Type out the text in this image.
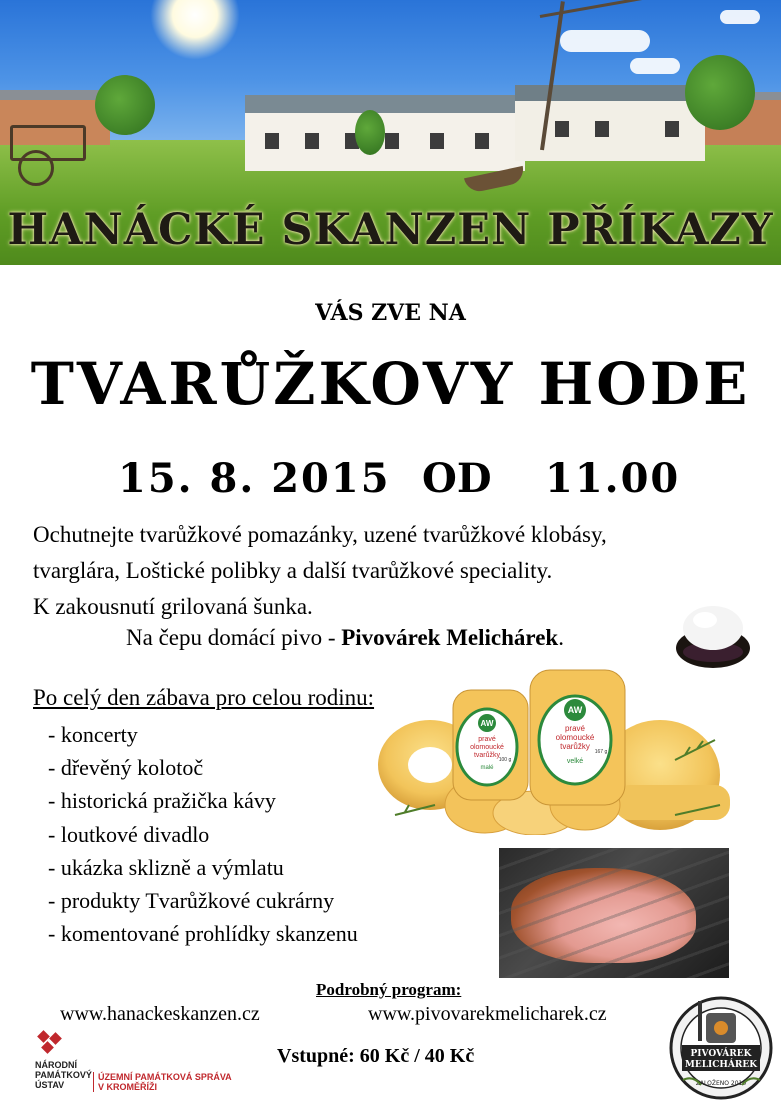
HANÁCKÉ SKANZEN PŘÍKAZY
VÁS ZVE NA
TVARŮŽKOVY HODE
15. 8. 2015 OD 11.00
Ochutnejte tvarůžkové pomazánky, uzené tvarůžkové klobásy,
tvarglára, Loštické polibky a další tvarůžkové speciality.
K zakousnutí grilovaná šunka.
Na čepu domácí pivo - Pivovárek Melichárek.
Po celý den zábava pro celou rodinu:
- koncerty
- dřevěný kolotoč
- historická pražička kávy
- loutkové divadlo
- ukázka sklizně a výmlatu
- produkty Tvarůžkové cukrárny
- komentované prohlídky skanzenu
AW
AW
pravé
olomoucké
tvarůžky
malé
100 g
pravé
olomoucké
tvarůžky
velké
167 g
Podrobný program:
www.hanackeskanzen.cz	www.pivovarekmelicharek.cz
Vstupné: 60 Kč / 40 Kč
NÁRODNÍ
PAMÁTKOVÝ
ÚSTAV
ÚZEMNÍ PAMÁTKOVÁ SPRÁVA
V KROMĚŘÍŽI
PIVOVÁREK
MELICHÁREK
ZALOŽENO 2010
